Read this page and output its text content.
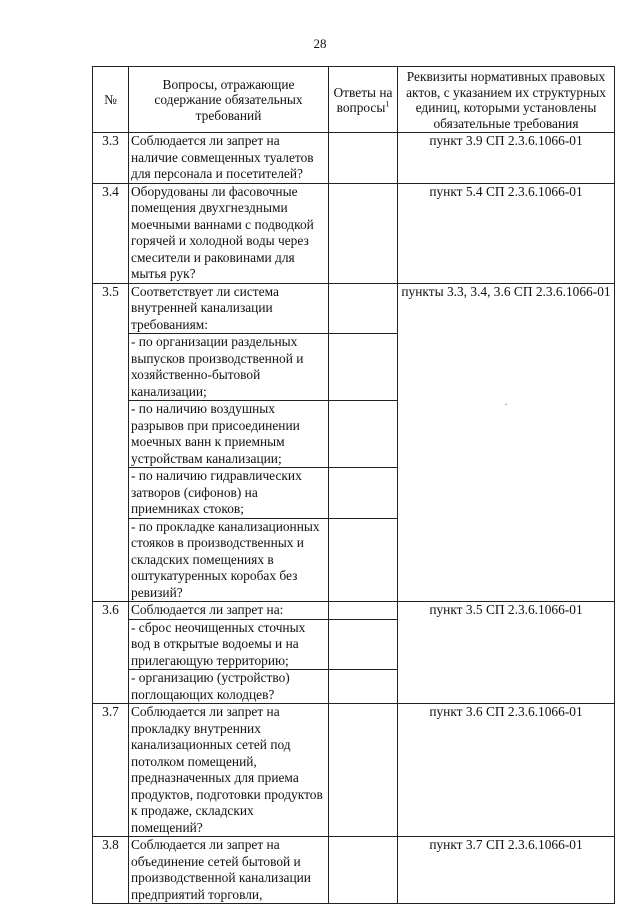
28
№	Вопросы, отражающие содержание обязательных требований	Ответы на вопросы$^1$	Реквизиты нормативных правовых актов, с указанием их структурных единиц, которыми установлены обязательные требования
3.3	Соблюдается ли запрет на наличие совмещенных туалетов для персонала и посетителей?		пункт 3.9 СП 2.3.6.1066-01
3.4	Оборудованы ли фасовочные помещения двухгнездными моечными ваннами с подводкой горячей и холодной воды через смесители и раковинами для мытья рук?		пункт 5.4 СП 2.3.6.1066-01
3.5	Соответствует ли система внутренней канализации требованиям:		пункты 3.3, 3.4, 3.6 СП 2.3.6.1066-01
·

	- по организации раздельных выпусков производственной и хозяйственно-бытовой канализации;		
	- по наличию воздушных разрывов при присоединении моечных ванн к приемным устройствам канализации;		
	- по наличию гидравлических затворов (сифонов) на приемниках стоков;		
	- по прокладке канализационных стояков в производственных и складских помещениях в оштукатуренных коробах без ревизий?		
3.6	Соблюдается ли запрет на:		пункт 3.5 СП 2.3.6.1066-01
	- сброс неочищенных сточных вод в открытые водоемы и на прилегающую территорию;		
	- организацию (устройство) поглощающих колодцев?		
3.7	Соблюдается ли запрет на прокладку внутренних канализационных сетей под потолком помещений, предназначенных для приема продуктов, подготовки продуктов к продаже, складских помещений?		пункт 3.6 СП 2.3.6.1066-01
3.8	Соблюдается ли запрет на объединение сетей бытовой и производственной канализации предприятий торговли,		пункт 3.7 СП 2.3.6.1066-01
